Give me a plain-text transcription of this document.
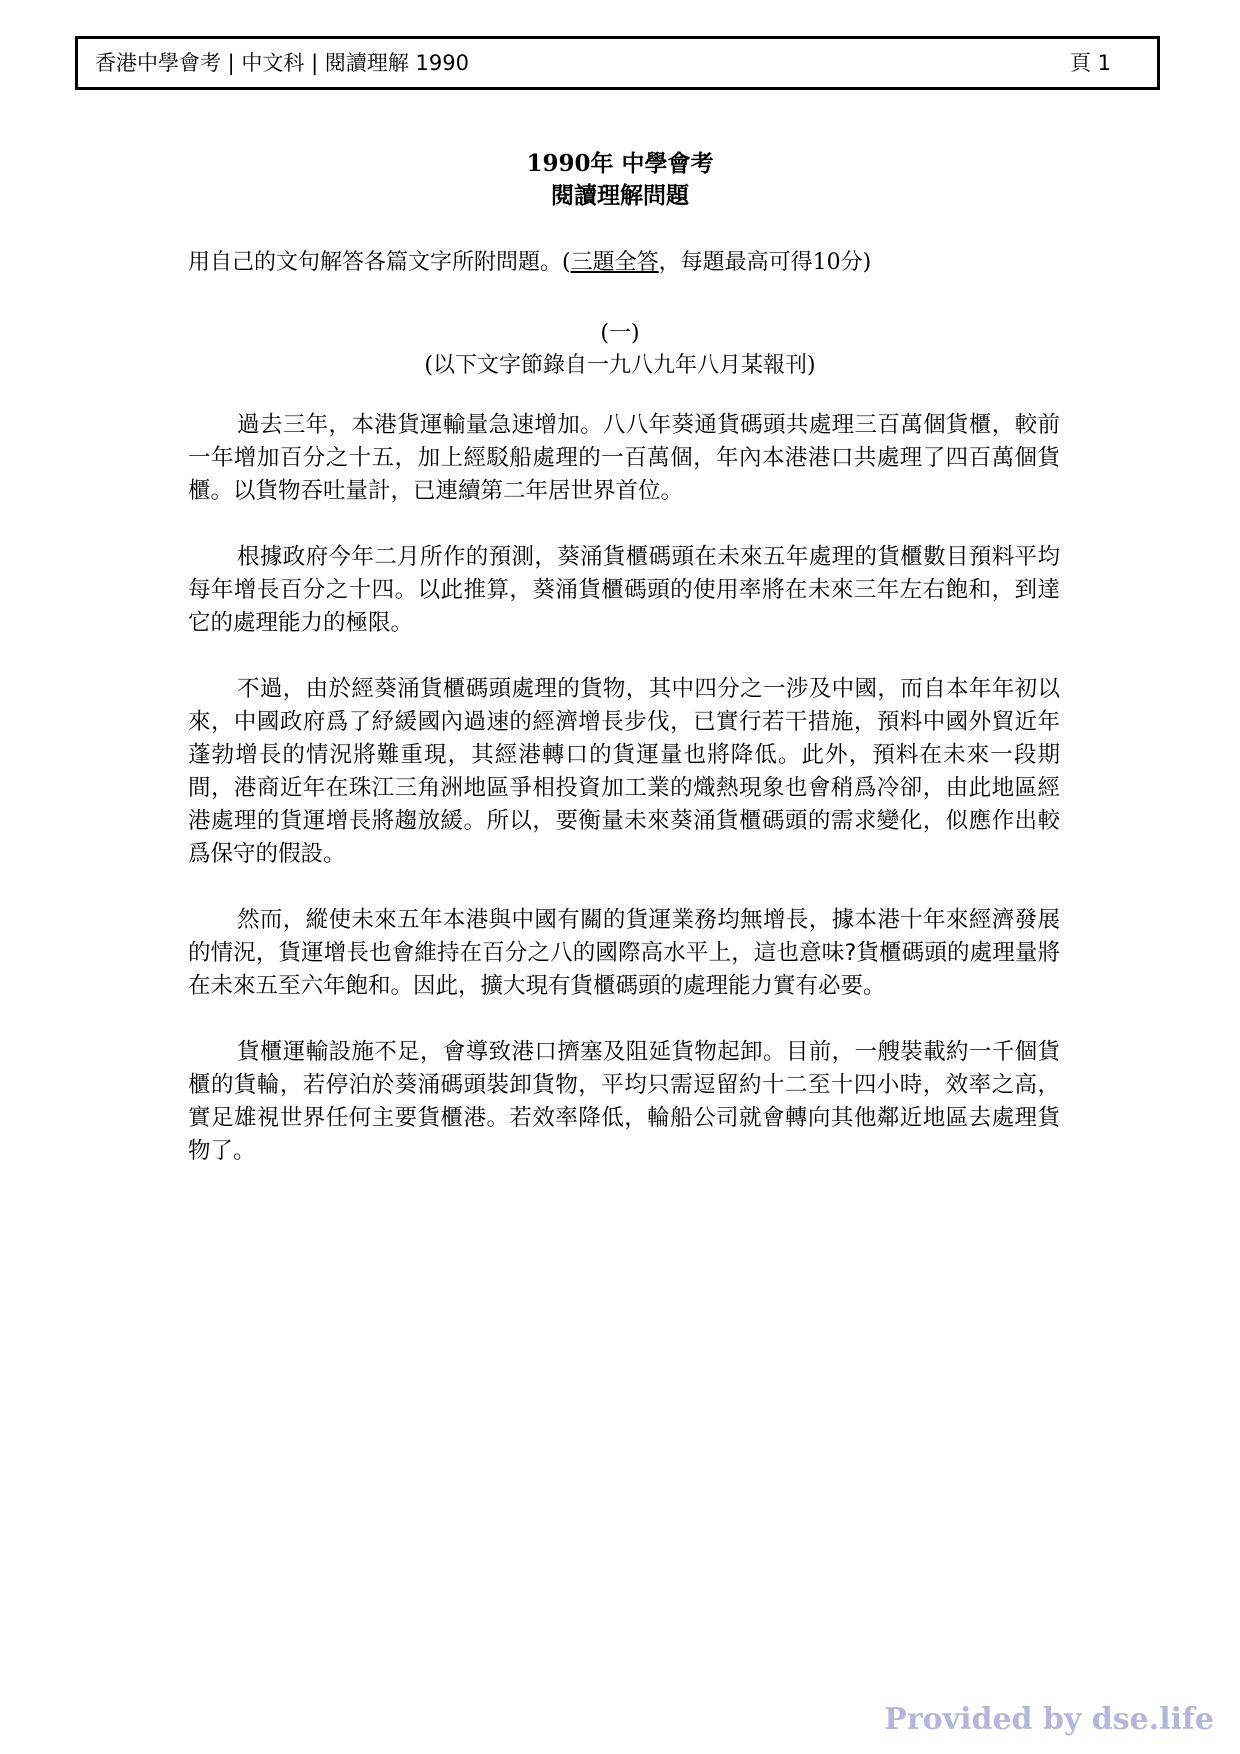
香港中學會考 | 中文科 | 閱讀理解 1990	頁 1
1990年 中學會考
閱讀理解問題
用自己的文句解答各篇文字所附問題。(三題全答，每題最高可得10分)
(一)
(以下文字節錄自一九八九年八月某報刊)

過去三年，本港貨運輸量急速增加。八八年葵通貨碼頭共處理三百萬個貨櫃，較前一年增加百分之十五，加上經駁船處理的一百萬個，年內本港港口共處理了四百萬個貨櫃。以貨物吞吐量計，已連續第二年居世界首位。

根據政府今年二月所作的預測，葵涌貨櫃碼頭在未來五年處理的貨櫃數目預料平均每年增長百分之十四。以此推算，葵涌貨櫃碼頭的使用率將在未來三年左右飽和，到達它的處理能力的極限。

不過，由於經葵涌貨櫃碼頭處理的貨物，其中四分之一涉及中國，而自本年年初以來，中國政府爲了紓緩國內過速的經濟增長步伐，已實行若干措施，預料中國外貿近年蓬勃增長的情況將難重現，其經港轉口的貨運量也將降低。此外，預料在未來一段期間，港商近年在珠江三角洲地區爭相投資加工業的熾熱現象也會稍爲冷卻，由此地區經港處理的貨運增長將趨放緩。所以，要衡量未來葵涌貨櫃碼頭的需求變化，似應作出較爲保守的假設。

然而，縱使未來五年本港與中國有關的貨運業務均無增長，據本港十年來經濟發展的情況，貨運增長也會維持在百分之八的國際高水平上，這也意味?貨櫃碼頭的處理量將在未來五至六年飽和。因此，擴大現有貨櫃碼頭的處理能力實有必要。

貨櫃運輸設施不足，會導致港口擠塞及阻延貨物起卸。目前，一艘裝載約一千個貨櫃的貨輪，若停泊於葵涌碼頭裝卸貨物，平均只需逗留約十二至十四小時，效率之高，實足雄視世界任何主要貨櫃港。若效率降低，輪船公司就會轉向其他鄰近地區去處理貨物了。

Provided by dse.life
